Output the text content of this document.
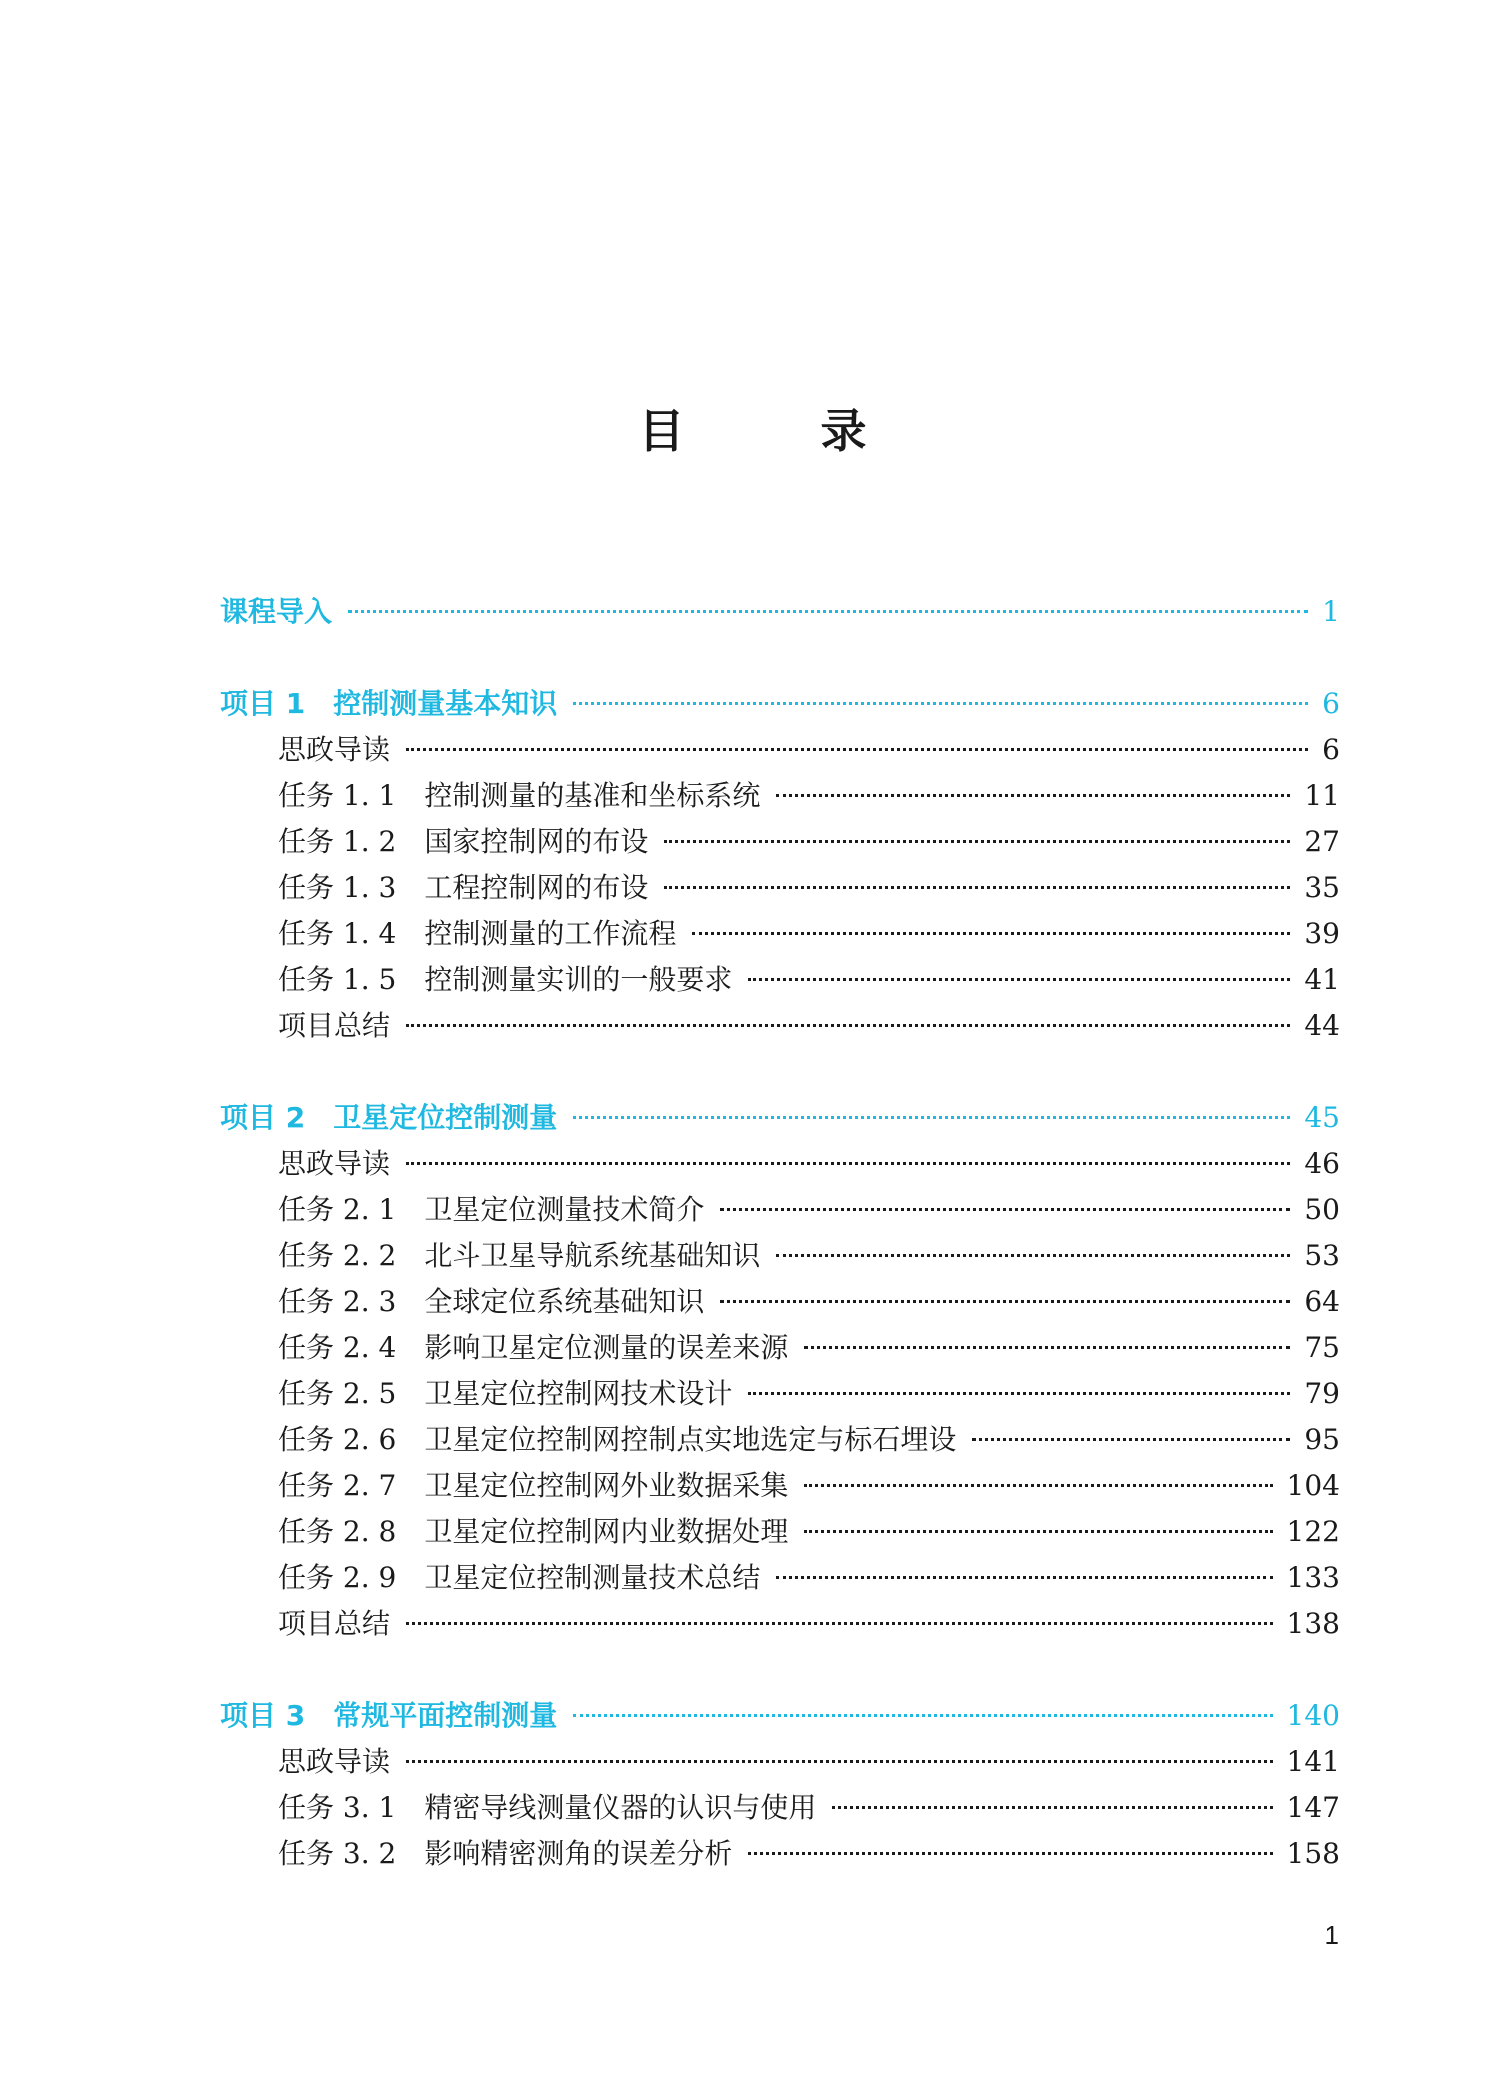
目	录
课程导入	1
项目 1 控制测量基本知识	6
思政导读	6
任务 1. 1 控制测量的基准和坐标系统	11
任务 1. 2 国家控制网的布设	27
任务 1. 3 工程控制网的布设	35
任务 1. 4 控制测量的工作流程	39
任务 1. 5 控制测量实训的一般要求	41
项目总结	44
项目 2 卫星定位控制测量	45
思政导读	46
任务 2. 1 卫星定位测量技术简介	50
任务 2. 2 北斗卫星导航系统基础知识	53
任务 2. 3 全球定位系统基础知识	64
任务 2. 4 影响卫星定位测量的误差来源	75
任务 2. 5 卫星定位控制网技术设计	79
任务 2. 6 卫星定位控制网控制点实地选定与标石埋设	95
任务 2. 7 卫星定位控制网外业数据采集	104
任务 2. 8 卫星定位控制网内业数据处理	122
任务 2. 9 卫星定位控制测量技术总结	133
项目总结	138
项目 3 常规平面控制测量	140
思政导读	141
任务 3. 1 精密导线测量仪器的认识与使用	147
任务 3. 2 影响精密测角的误差分析	158
1
